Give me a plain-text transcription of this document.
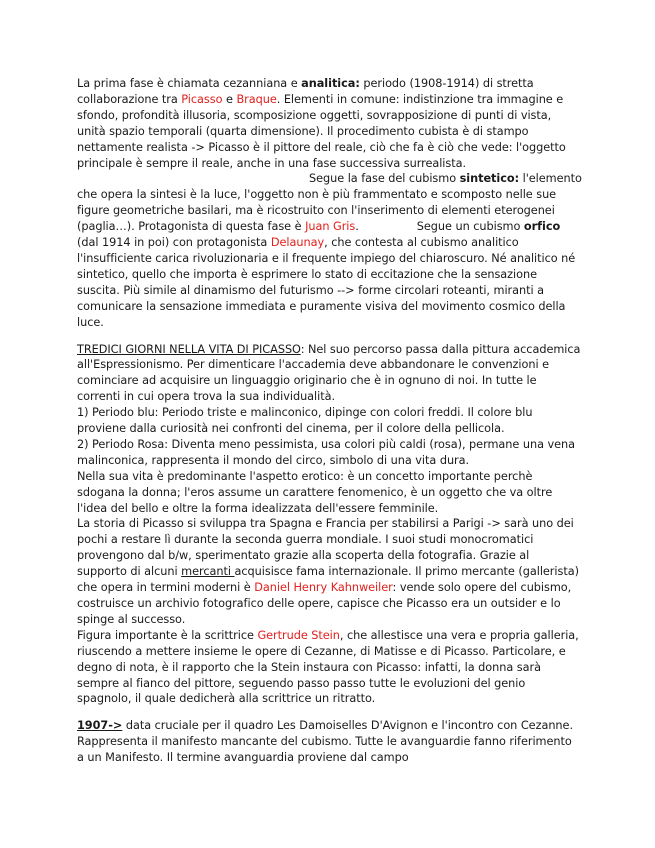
La prima fase è chiamata cezanniana e analitica: periodo (1908-1914) di stretta collaborazione tra Picasso e Braque. Elementi in comune: indistinzione tra immagine e sfondo, profondità illusoria, scomposizione oggetti, sovrapposizione di punti di vista, unità spazio temporali (quarta dimensione). Il procedimento cubista è di stampo nettamente realista -> Picasso è il pittore del reale, ciò che fa è ciò che vede: l'oggetto principale è sempre il reale, anche in una fase successiva surrealista.Segue la fase del cubismo sintetico: l'elemento che opera la sintesi è la luce, l'oggetto non è più frammentato e scomposto nelle sue figure geometriche basilari, ma è ricostruito con l'inserimento di elementi eterogenei (paglia…). Protagonista di questa fase è Juan Gris.	Segue un cubismo orfico (dal 1914 in poi) con protagonista Delaunay, che contesta al cubismo analitico l'insufficiente carica rivoluzionaria e il frequente impiego del chiaroscuro. Né analitico né sintetico, quello che importa è esprimere lo stato di eccitazione che la sensazione suscita. Più simile al dinamismo del futurismo --> forme circolari roteanti, miranti a comunicare la sensazione immediata e puramente visiva del movimento cosmico della luce.

TREDICI GIORNI NELLA VITA DI PICASSO: Nel suo percorso passa dalla pittura accademica all'Espressionismo. Per dimenticare l'accademia deve abbandonare le convenzioni e cominciare ad acquisire un linguaggio originario che è in ognuno di noi. In tutte le correnti in cui opera trova la sua individualità.

1) Periodo blu: Periodo triste e malinconico, dipinge con colori freddi. Il colore blu proviene dalla curiosità nei confronti del cinema, per il colore della pellicola.

2) Periodo Rosa: Diventa meno pessimista, usa colori più caldi (rosa), permane una vena malinconica, rappresenta il mondo del circo, simbolo di una vita dura.

Nella sua vita è predominante l'aspetto erotico: è un concetto importante perchè sdogana la donna; l'eros assume un carattere fenomenico, è un oggetto che va oltre l'idea del bello e oltre la forma idealizzata dell'essere femminile.

La storia di Picasso si sviluppa tra Spagna e Francia per stabilirsi a Parigi -> sarà uno dei pochi a restare lì durante la seconda guerra mondiale. I suoi studi monocromatici provengono dal b/w, sperimentato grazie alla scoperta della fotografia. Grazie al supporto di alcuni mercanti acquisisce fama internazionale. Il primo mercante (gallerista) che opera in termini moderni è Daniel Henry Kahnweiler: vende solo opere del cubismo, costruisce un archivio fotografico delle opere, capisce che Picasso era un outsider e lo spinge al successo.

Figura importante è la scrittrice Gertrude Stein, che allestisce una vera e propria galleria, riuscendo a mettere insieme le opere di Cezanne, di Matisse e di Picasso. Particolare, e degno di nota, è il rapporto che la Stein instaura con Picasso: infatti, la donna sarà sempre al fianco del pittore, seguendo passo passo tutte le evoluzioni del genio spagnolo, il quale dedicherà alla scrittrice un ritratto.

1907-> data cruciale per il quadro Les Damoiselles D'Avignon e l'incontro con Cezanne. Rappresenta il manifesto mancante del cubismo. Tutte le avanguardie fanno riferimento a un Manifesto. Il termine avanguardia proviene dal campo
